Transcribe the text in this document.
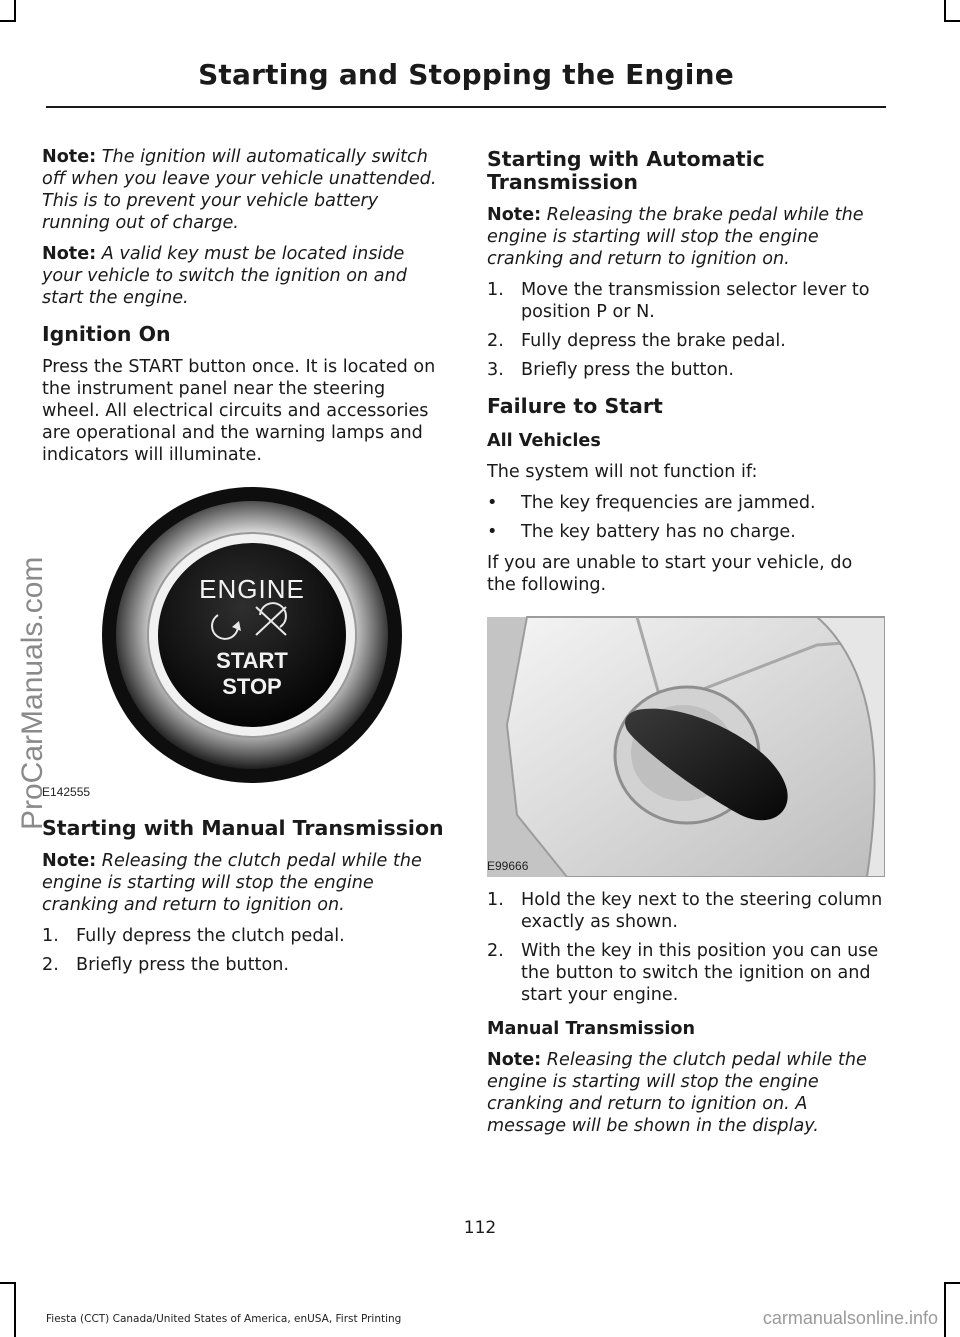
Starting and Stopping the Engine
ProCarManuals.com

Note: The ignition will automatically switch off when you leave your vehicle unattended. This is to prevent your vehicle battery running out of charge.

Note: A valid key must be located inside your vehicle to switch the ignition on and start the engine.

Ignition On

Press the START button once. It is located on the instrument panel near the steering wheel. All electrical circuits and accessories are operational and the warning lamps and indicators will illuminate.

ENGINE
START
STOP
E142555
Starting with Manual Transmission

Note: Releasing the clutch pedal while the engine is starting will stop the engine cranking and return to ignition on.

1. Fully depress the clutch pedal.
2. Briefly press the button.
Starting with Automatic Transmission

Note: Releasing the brake pedal while the engine is starting will stop the engine cranking and return to ignition on.

1. Move the transmission selector lever to position P or N.
2. Fully depress the brake pedal.
3. Briefly press the button.
Failure to Start
All Vehicles

The system will not function if:

• The key frequencies are jammed.
• The key battery has no charge.

If you are unable to start your vehicle, do the following.

E99666
1. Hold the key next to the steering column exactly as shown.
2. With the key in this position you can use the button to switch the ignition on and start your engine.
Manual Transmission

Note: Releasing the clutch pedal while the engine is starting will stop the engine cranking and return to ignition on. A message will be shown in the display.

112

Fiesta (CCT) Canada/United States of America, enUSA, First Printing	carmanualsonline.info
